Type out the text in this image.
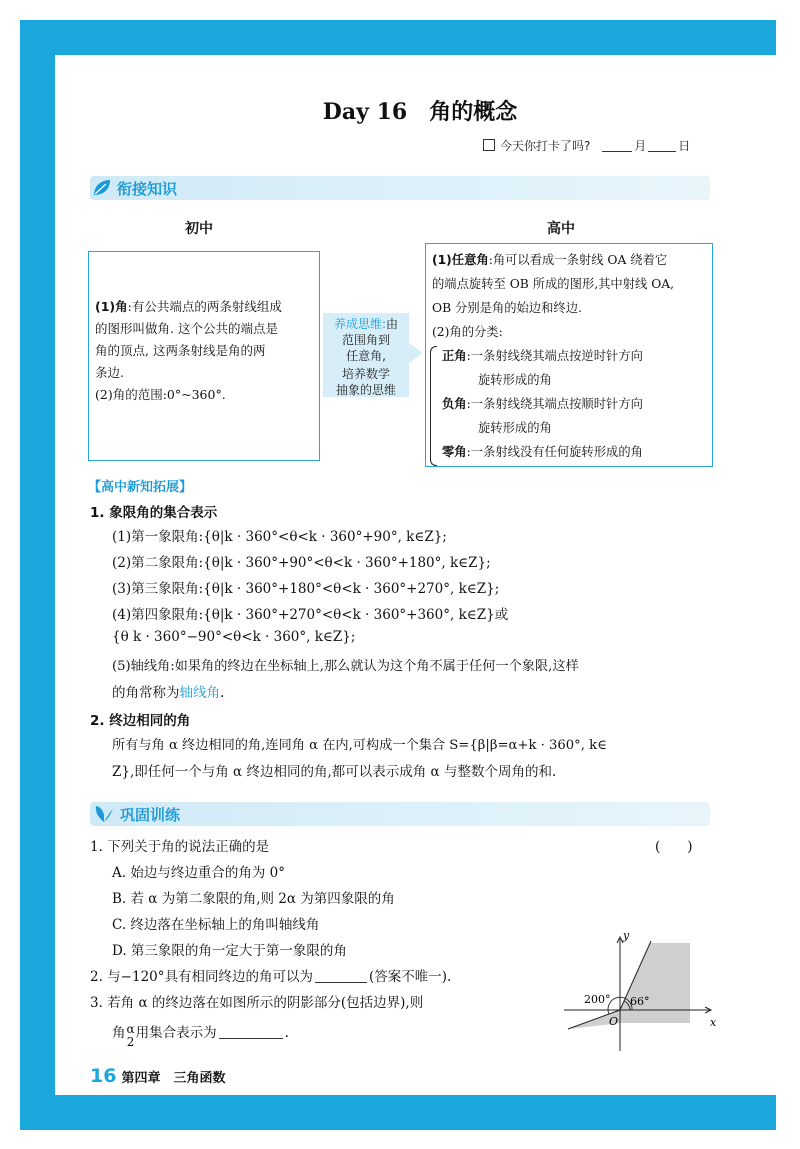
Day 16　角的概念
今天你打卡了吗?	月	日
衔接知识
初中	高中
(1)角:有公共端点的两条射线组成
的图形叫做角. 这个公共的端点是
角的顶点, 这两条射线是角的两
条边.
(2)角的范围:0°~360°.
养成思维:由
范围角到
任意角,
培养数学
抽象的思维
(1)任意角:角可以看成一条射线 OA 绕着它
的端点旋转至 OB 所成的图形,其中射线 OA,
OB 分别是角的始边和终边.
(2)角的分类:
正角:一条射线绕其端点按逆时针方向
旋转形成的角
负角:一条射线绕其端点按顺时针方向
旋转形成的角
零角:一条射线没有任何旋转形成的角
【高中新知拓展】
1. 象限角的集合表示
(1)第一象限角:{θ|k · 360°<θ<k · 360°+90°, k∈Z};
(2)第二象限角:{θ|k · 360°+90°<θ<k · 360°+180°, k∈Z};
(3)第三象限角:{θ|k · 360°+180°<θ<k · 360°+270°, k∈Z};
(4)第四象限角:{θ|k · 360°+270°<θ<k · 360°+360°, k∈Z}或
{θ k · 360°−90°<θ<k · 360°, k∈Z};
(5)轴线角:如果角的终边在坐标轴上,那么就认为这个角不属于任何一个象限,这样
的角常称为轴线角.
2. 终边相同的角
所有与角 α 终边相同的角,连同角 α 在内,可构成一个集合 S={β|β=α+k · 360°, k∈
Z},即任何一个与角 α 终边相同的角,都可以表示成角 α 与整数个周角的和.
巩固训练
1. 下列关于角的说法正确的是	(　　)
A. 始边与终边重合的角为 0°
B. 若 α 为第二象限的角,则 2α 为第四象限的角
C. 终边落在坐标轴上的角叫轴线角
D. 第三象限的角一定大于第一象限的角
2. 与−120°具有相同终边的角可以为	(答案不唯一).
3. 若角 α 的终边落在如图所示的阴影部分(包括边界),则
角 α
2
用集合表示为	.
y
x
O
200° 66°
16 第四章　三角函数
